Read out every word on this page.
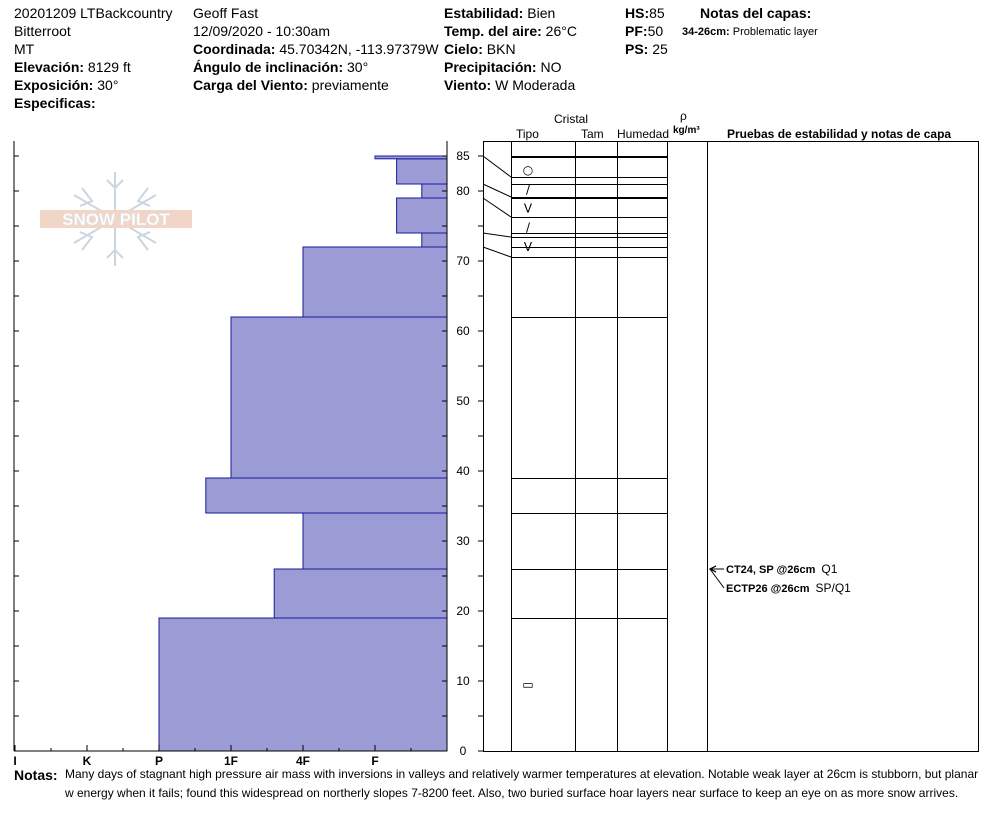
20201209 LTBackcountry
Bitterroot
MT
Elevación: 8129 ft
Exposición: 30°
Especificas:
Geoff Fast
12/09/2020 - 10:30am
Coordinada: 45.70342N, -113.97379W
Ángulo de inclinación: 30°
Carga del Viento: previamente
Estabilidad: Bien
Temp. del aire: 26°C
Cielo: BKN
Precipitación: NO
Viento: W Moderada
HS:85
PF:50
PS: 25
Notas del capas:
34-26cm: Problematic layer
Cristal
Tipo	Tam Humedad
ρ
kg/m³ Pruebas de estabilidad y notas de capa
SNOW PILOT
0
10
20
30
40
50
60
70
80
85
I	K	P	1F	4F	F
○
/
V
/
V
▭
CT24, SP @26cm Q1
ECTP26 @26cm SP/Q1
Notas: Many days of stagnant high pressure air mass with inversions in valleys and relatively warmer temperatures at elevation. Notable weak layer at 26cm is stubborn, but planar
w energy when it fails; found this widespread on northerly slopes 7-8200 feet. Also, two buried surface hoar layers near surface to keep an eye on as more snow arrives.
